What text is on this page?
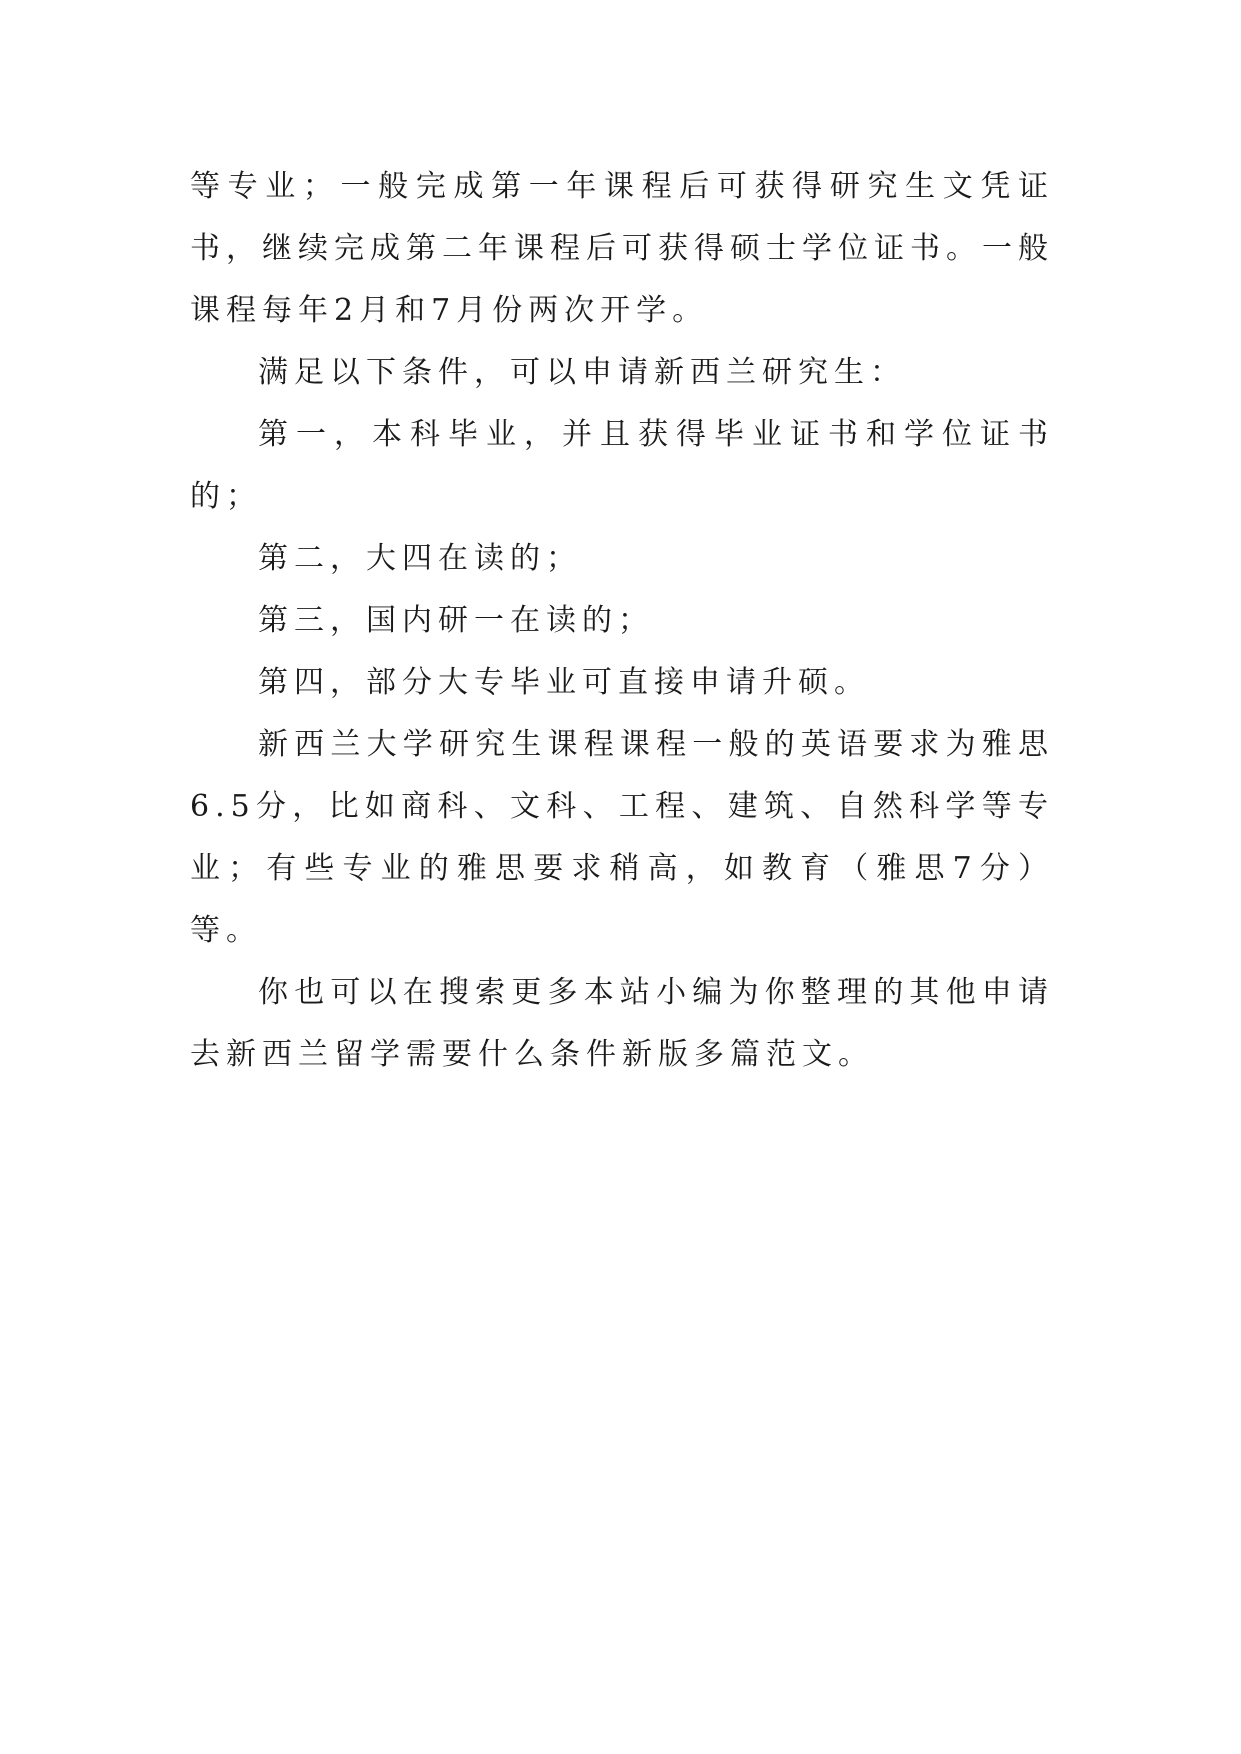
等专业；一般完成第一年课程后可获得研究生文凭证书，继续完成第二年课程后可获得硕士学位证书。一般课程每年2月和7月份两次开学。

满足以下条件，可以申请新西兰研究生：

第一，本科毕业，并且获得毕业证书和学位证书的；

第二，大四在读的；

第三，国内研一在读的；

第四，部分大专毕业可直接申请升硕。

新西兰大学研究生课程课程一般的英语要求为雅思6.5分，比如商科、文科、工程、建筑、自然科学等专业；有些专业的雅思要求稍高，如教育（雅思7分）等。

你也可以在搜索更多本站小编为你整理的其他申请去新西兰留学需要什么条件新版多篇范文。
